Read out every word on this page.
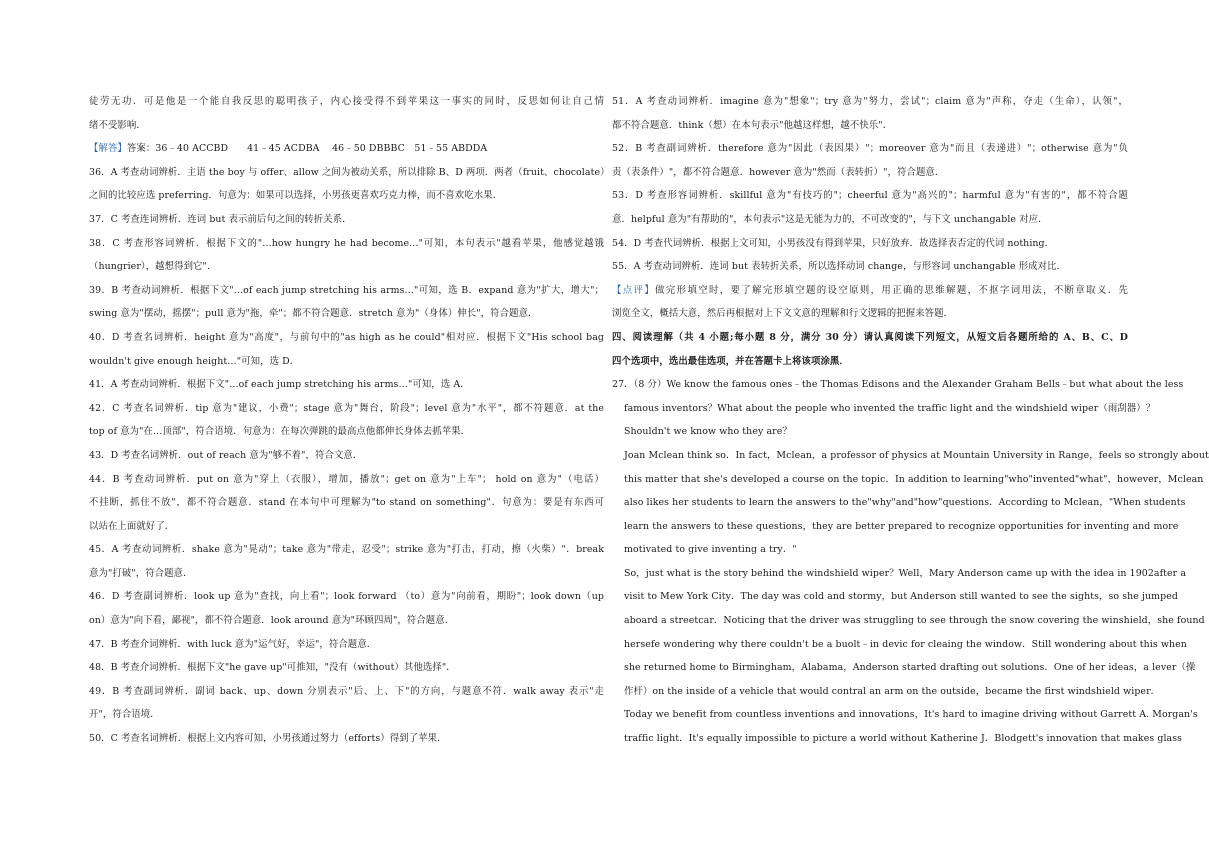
徒劳无功．可是他是一个能自我反思的聪明孩子，内心接受得不到苹果这一事实的同时，反思如何让自己情
绪不受影响．
【解答】答案：36﹣40 ACCBD　　41﹣45 ACDBA　 46﹣50 DBBBC　51﹣55 ABDDA
36．A 考查动词辨析．主语 the boy 与 offer、allow 之间为被动关系，所以排除 B、D 两项．两者（fruit、chocolate）
之间的比较应选 preferring．句意为：如果可以选择，小男孩更喜欢巧克力棒，而不喜欢吃水果．
37．C 考查连词辨析．连词 but 表示前后句之间的转折关系．
38．C 考查形容词辨析．根据下文的"…how hungry he had become…"可知，本句表示"越看苹果，他感觉越饿
（hungrier），越想得到它".
39．B 考查动词辨析．根据下文"…of each jump stretching his arms…"可知，选 B．expand 意为"扩大，增大"；
swing 意为"摆动，摇摆"；pull 意为"拖，牵"；都不符合题意．stretch 意为"（身体）伸长"，符合题意．
40．D 考查名词辨析．height 意为"高度"，与前句中的"as high as he could"相对应．根据下文"His school bag
wouldn't give enough height…"可知，选 D．
41．A 考查动词辨析．根据下文"…of each jump stretching his arms…"可知，选 A．
42．C 考查名词辨析．tip 意为"建议，小费"；stage 意为"舞台，阶段"；level 意为"水平"，都不符题意．at the
top of 意为"在…顶部"，符合语境．句意为：在每次弹跳的最高点他都伸长身体去抓苹果．
43．D 考查名词辨析．out of reach 意为"够不着"，符合文意．
44．B 考查动词辨析．put on 意为"穿上（衣服），增加，播放"；get on 意为"上车"； hold on 意为"（电话）
不挂断，抓住不放"，都不符合题意．stand 在本句中可理解为"to stand on something"．句意为：要是有东西可
以站在上面就好了．
45．A 考查动词辨析．shake 意为"晃动"；take 意为"带走，忍受"；strike 意为"打击，打动，擦（火柴）"．break
意为"打破"，符合题意．
46．D 考查副词辨析．look up 意为"查找，向上看"；look forward （to）意为"向前看，期盼"；look down（up
on）意为"向下看，鄙视"，都不符合题意．look around 意为"环顾四周"，符合题意．
47．B 考查介词辨析．with luck 意为"运气好，幸运"，符合题意．
48．B 考查介词辨析．根据下文"he gave up"可推知，"没有（without）其他选择"．
49．B 考查副词辨析．副词 back、up、down 分别表示"后、上、下"的方向，与题意不符．walk away 表示"走
开"，符合语境．
50．C 考查名词辨析．根据上文内容可知，小男孩通过努力（efforts）得到了苹果．
51．A 考查动词辨析．imagine 意为"想象"；try 意为"努力，尝试"；claim 意为"声称，夺走（生命），认领"，
都不符合题意．think（想）在本句表示"他越这样想，越不快乐"．
52．B 考查副词辨析．therefore 意为"因此（表因果）"；moreover 意为"而且（表递进）"；otherwise 意为"负
责（表条件）"，都不符合题意．however 意为"然而（表转折）"，符合题意．
53．D 考查形容词辨析．skillful 意为"有技巧的"；cheerful 意为"高兴的"；harmful 意为"有害的"，都不符合题
意．helpful 意为"有帮助的"，本句表示"这是无能为力的，不可改变的"，与下文 unchangable 对应．
54．D 考查代词辨析．根据上文可知，小男孩没有得到苹果，只好放弃．故选择表否定的代词 nothing．
55．A 考查动词辨析．连词 but 表转折关系，所以选择动词 change，与形容词 unchangable 形成对比．
【点评】做完形填空时，要了解完形填空题的设空原则，用正确的思维解题，不抠字词用法，不断章取义．先
浏览全文，概括大意，然后再根据对上下文文意的理解和行文逻辑的把握来答题．
四、阅读理解（共 4 小题;每小题 8 分，满分 30 分）请认真阅读下列短文，从短文后各题所给的 A、B、C、D
四个选项中，选出最佳选项，并在答题卡上将该项涂黑．
27．（8 分）We know the famous ones﹣the Thomas Edisons and the Alexander Graham Bells﹣but what about the less
famous inventors？What about the people who invented the traffic light and the windshield wiper（雨刮器）？
Shouldn't we know who they are？
Joan Mclean think so．In fact，Mclean，a professor of physics at Mountain University in Range，feels so strongly about
this matter that she's developed a course on the topic．In addition to learning"who"invented"what"，however，Mclean
also likes her students to learn the answers to the"why"and"how"questions．According to Mclean，"When students
learn the answers to these questions，they are better prepared to recognize opportunities for inventing and more
motivated to give inventing a try．"
So，just what is the story behind the windshield wiper？Well，Mary Anderson came up with the idea in 1902after a
visit to Mew York City．The day was cold and stormy，but Anderson still wanted to see the sights，so she jumped
aboard a streetcar．Noticing that the driver was struggling to see through the snow covering the winshield，she found
hersefe wondering why there couldn't be a buolt﹣in devic for cleaing the window．Still wondering about this when
she returned home to Birmingham，Alabama，Anderson started drafting out solutions．One of her ideas，a lever（操
作杆）on the inside of a vehicle that would contral an arm on the outside，became the first windshield wiper．
Today we benefit from countless inventions and innovations，It's hard to imagine driving without Garrett A. Morgan's
traffic light．It's equally impossible to picture a world without Katherine J．Blodgett's innovation that makes glass
